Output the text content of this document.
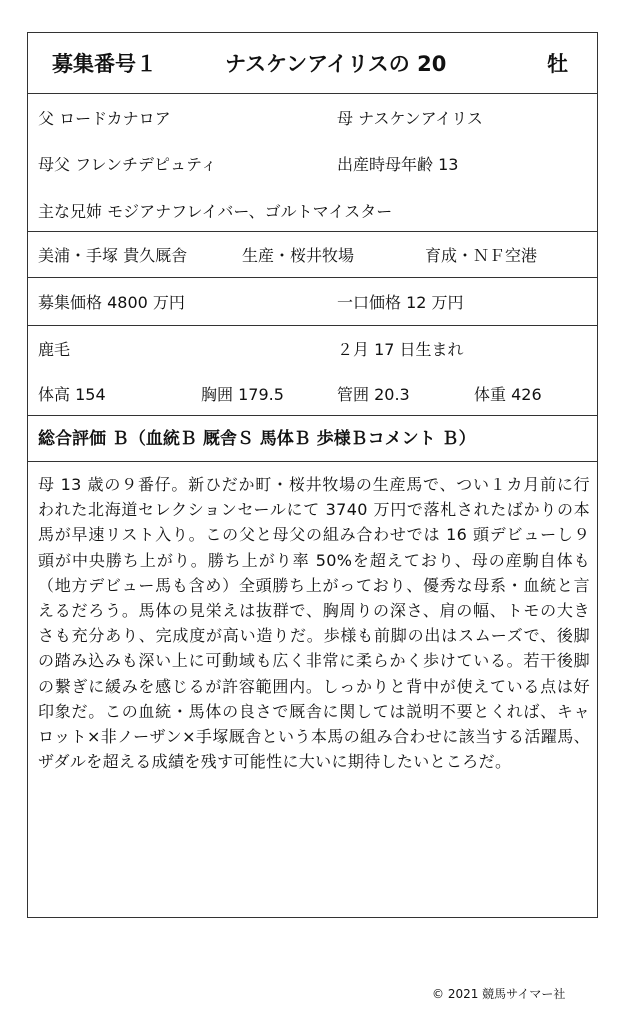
募集番号１	ナスケンアイリスの 20	牡
父 ロードカナロア	母 ナスケンアイリス
母父 フレンチデピュティ	出産時母年齢 13
主な兄姉 モジアナフレイバー、ゴルトマイスター
美浦・手塚 貴久厩舎	生産・桜井牧場	育成・ＮＦ空港
募集価格 4800 万円	一口価格 12 万円
鹿毛	２月 17 日生まれ
体高 154	胸囲 179.5	管囲 20.3	体重 426
総合評価 Ｂ（血統Ｂ 厩舎Ｓ 馬体Ｂ 歩様Ｂコメント Ｂ）
母 13 歳の９番仔。新ひだか町・桜井牧場の生産馬で、つい１カ月前に行われた北海道セレクションセールにて 3740 万円で落札されたばかりの本馬が早速リスト入り。この父と母父の組み合わせでは 16 頭デビューし９頭が中央勝ち上がり。勝ち上がり率 50%を超えており、母の産駒自体も（地方デビュー馬も含め）全頭勝ち上がっており、優秀な母系・血統と言えるだろう。馬体の見栄えは抜群で、胸周りの深さ、肩の幅、トモの大きさも充分あり、完成度が高い造りだ。歩様も前脚の出はスムーズで、後脚の踏み込みも深い上に可動域も広く非常に柔らかく歩けている。若干後脚の繋ぎに緩みを感じるが許容範囲内。しっかりと背中が使えている点は好印象だ。この血統・馬体の良さで厩舎に関しては説明不要とくれば、キャロット×非ノーザン×手塚厩舎という本馬の組み合わせに該当する活躍馬、ザダルを超える成績を残す可能性に大いに期待したいところだ。
© 2021 競馬サイマー社
